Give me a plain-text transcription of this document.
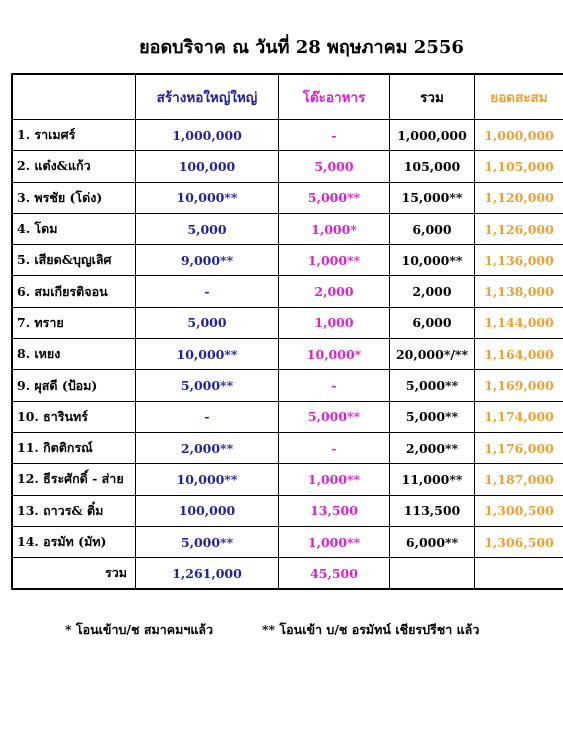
ยอดบริจาค ณ วันที่ 28 พฤษภาคม 2556
	สร้างหอใหญ่ใหญ่	โต๊ะอาหาร	รวม	ยอดสะสม
1. ราเมศร์	1,000,000	-	1,000,000	1,000,000
2. แต๋ง&แก้ว	100,000	5,000	105,000	1,105,000
3. พรชัย (โด่ง)	10,000**	5,000**	15,000**	1,120,000
4. โดม	5,000	1,000*	6,000	1,126,000
5. เสียด&บุญเลิศ	9,000**	1,000**	10,000**	1,136,000
6. สมเกียรติจอน	-	2,000	2,000	1,138,000
7. ทราย	5,000	1,000	6,000	1,144,000
8. เหยง	10,000**	10,000*	20,000*/**	1,164,000
9. ผุสดี (ป้อม)	5,000**	-	5,000**	1,169,000
10. ธารินทร์	-	5,000**	5,000**	1,174,000
11. กิตติกรณ์	2,000**	-	2,000**	1,176,000
12. ธีระศักดิ์ - ส่าย	10,000**	1,000**	11,000**	1,187,000
13. ถาวร& ติ๋ม	100,000	13,500	113,500	1,300,500
14. อรมัท (มัท)	5,000**	1,000**	6,000**	1,306,500
รวม	1,261,000	45,500		
* โอนเข้าบ/ช สมาคมฯแล้ว	** โอนเข้า บ/ช อรมัทน์ เชียรปรีชา แล้ว
